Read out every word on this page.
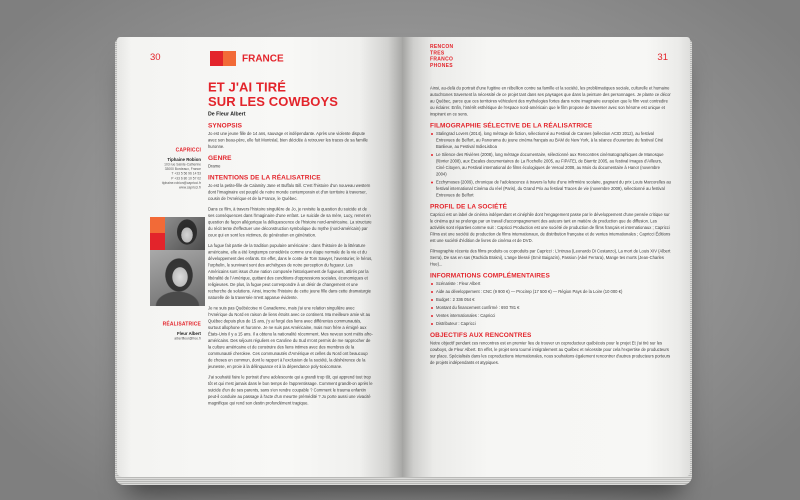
30	FRANCE
CAPRICCI
Tiphaine Robion
103 rue Sainte-Catherine
33000 Bordeaux, France
T +33 5 56 96 14 53
P +33 6 80 10 57 02
tiphaine.robion@capricci.fr
www.capricci.fr
RÉALISATRICE
Fleur Albert
albertfleur@free.fr
ET J'AI TIRÉ
SUR LES COWBOYS
De Fleur Albert
SYNOPSIS

Jo est une jeune fille de 14 ans, sauvage et indépendante. Après une violente dispute avec son beau-père, elle fuit Montréal, bien décidée à retrouver les traces de sa famille huronne.

GENRE

Drame

INTENTIONS DE LA RÉALISATRICE

Jo est la petite-fille de Calamity Jane et Buffalo Bill. C'est l'histoire d'un nouveau western dont l'imaginaire est peuplé de notre monde contemporain et d'un territoire à traverser, cousin de l'Amérique et de la France, le Québec.

Dans ce film, à travers l'histoire singulière de Jo, je revisite la question du suicide et de ses conséquences dans l'imaginaire d'une enfant. Le suicide de sa mère, Lucy, remet en question de façon allégorique la déliquescence de l'histoire nord-américaine. La structure du récit tente d'effectuer une déconstruction symbolique du mythe (nord-américain) par ceux qui en sont les victimes, de génération en génération.

La fugue fait partie de la tradition populaire américaine : dans l'histoire de la littérature américaine, elle a été longtemps considérée comme une étape normale de la vie et du développement des enfants. En effet, dans le conte de Tom Sawyer, l'aventurier, le héros, l'orphelin, le survivant sont des archétypes de notre perception du fugueur. Les Américains sont issus d'une nation composée historiquement de fugueurs, attirés par la libéralité de l'Amérique, quittant des conditions d'oppressions sociales, économiques et religieuses. De plus, la fugue peut correspondre à un désir de changement et une recherche de solutions. Ainsi, inscrire l'histoire de cette jeune fille dans cette dramaturgie naturelle de la traversée m'est apparue évidente.

Je ne suis pas Québécoise ni Canadienne, mais j'ai une relation singulière avec l'Amérique du Nord en raison de liens étroits avec ce continent. Ma meilleure amie vit au Québec depuis plus de 15 ans, j'y ai forgé des liens avec différentes communautés, surtout allophone et huronne. Je ne suis pas Américaine, mais mon frère a émigré aux États-Unis il y a 15 ans. Il a obtenu la nationalité récemment. Mes neveux sont métis afro-américains. Des séjours réguliers en Caroline du Sud m'ont permis de me rapprocher de la culture américaine et de construire des liens intimes avec des membres de la communauté cherokee. Ces communautés d'Amérique et celles du Nord ont beaucoup de choses en commun, dont le rapport à l'exclusion de la société, la déshérence de la jeunesse, en proie à la délinquance et à la dépendance poly-toxicomane.

J'ai souhaité faire le portrait d'une adolescente qui a grandi trop tôt, qui apprend tout trop tôt et qui n'est jamais dans le bon temps de l'apprentissage. Comment grandit-on après le suicide d'un de ses parents, sans s'en rendre coupable ? Comment le trauma enfantin peut-il conduire au passage à l'acte d'un meurtre prémédité ? Jo porte aussi une vivacité magnifique qui rend son destin profondément tragique.

RENCON
TRES
FRANCO
PHONES
31

Ainsi, au-delà du portrait d'une fugitive en rébellion contre sa famille et la société, les problématiques sociale, culturelle et humaine autochtones traversent la nécessité de ce projet tant dans ses paysages que dans la peinture des personnages. Je plante ce décor au Québec, parce que ces territoires véhiculent des mythologies fortes dans notre imaginaire européen que le film veut contredire ou éclairer. Enfin, l'intérêt esthétique de l'espace nord-américain que le film propose de traverser avec son héroïne est unique et inspirant en ce sens.

FILMOGRAPHIE SÉLECTIVE DE LA RÉALISATRICE
Stalingrad Lovers (2014), long métrage de fiction, sélectionné au Festival de Cannes (sélection ACID 2012), au festival Entrevues de Belfort, au Panorama du jeune cinéma français au BAM de New York, à la séance d'ouverture du festival Ciné Banlieue, au Festival IndieLisboa
Le Silence des Rivières (2008), long métrage documentaire, sélectionné aux Rencontres cinématographiques de Manosque (février 2008), aux Escales documentaires de La Rochelle 2005, au FIPATEL de Biarritz 2005, au festival Images d'Ailleurs, Ciné Citoyen, au Festival international de films écologiques de Vesoul 2008, au Mois du documentaire à Hanoï (novembre 2004)
Ecchymoses (2009), chronique de l'adolescence à travers la fuite d'une infirmière scolaire, gagnant du prix Louis Marcorelles au festival international Cinéma du réel (Paris), du Grand Prix au festival Traces de vie (novembre 2009), sélectionné au festival Entrevues de Belfort
PROFIL DE LA SOCIÉTÉ

Capricci est un label de cinéma indépendant et cinéphile dont l'engagement passe par le développement d'une pensée critique sur le cinéma qui se prolonge par un travail d'accompagnement des auteurs tant en matière de production que de diffusion. Les activités sont réparties comme suit : Capricci Production est une société de production de films français et internationaux ; Capricci Films est une société de production de films internationaux, de distribution française et de ventes internationales ; Capricci Éditions est une société d'édition de livres de cinéma et de DVD.

Filmographie récente des films produits ou coproduits par Capricci : L'intrusa (Leonardo Di Costanzo), La mort de Louis XIV (Albert Serra), De sas en sas (Rachida Brakni), L'ange blessé (Emir Baigazin), Passion (Abel Ferrara), Mange tes morts (Jean-Charles Hue)...

INFORMATIONS COMPLÉMENTAIRES
Scénariste : Fleur Albert
Aide au développement : CNC (9 900 €) — Procirep (17 500 €) — Région Pays de la Loire (10 000 €)
Budget : 2 336 054 €
Montant du financement confirmé : 693 781 €
Ventes internationales : Capricci
Distributeur : Capricci
OBJECTIFS AUX RENCONTRES

Notre objectif pendant ces rencontres est en premier lieu de trouver un coproducteur québécois pour le projet Et j'ai tiré sur les cowboys, de Fleur Albert. En effet, le projet sera tourné intégralement au Québec et nécessite pour cela l'expertise de producteurs sur place. Spécialisés dans les coproductions internationales, nous souhaitons également rencontrer d'autres producteurs porteurs de projets indépendants et atypiques.
